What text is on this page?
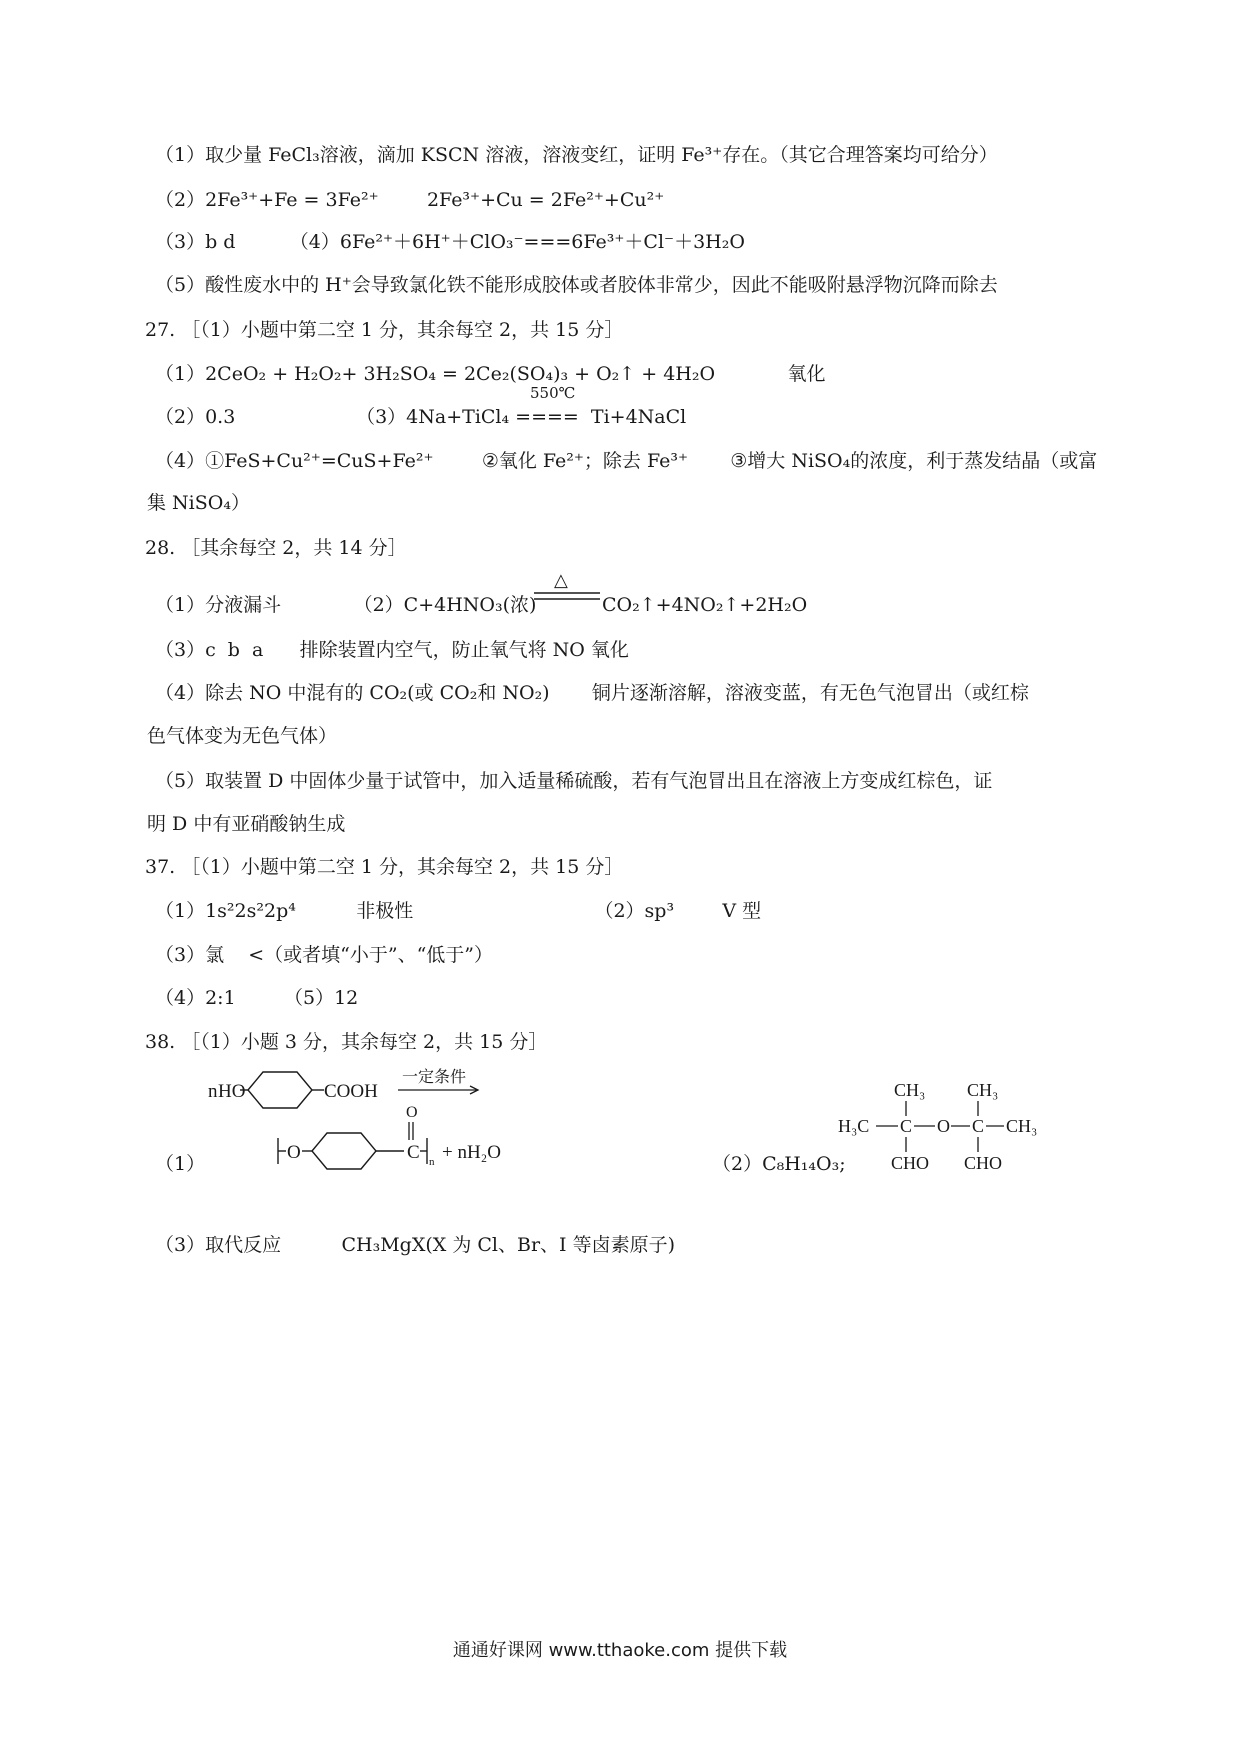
（1）取少量 FeCl₃溶液，滴加 KSCN 溶液，溶液变红，证明 Fe³⁺存在。（其它合理答案均可给分）
（2）2Fe³⁺+Fe = 3Fe²⁺        2Fe³⁺+Cu = 2Fe²⁺+Cu²⁺
（3）b d         （4）6Fe²⁺＋6H⁺＋ClO₃⁻===6Fe³⁺＋Cl⁻＋3H₂O
（5）酸性废水中的 H⁺会导致氯化铁不能形成胶体或者胶体非常少，因此不能吸附悬浮物沉降而除去
27. ［（1）小题中第二空 1 分，其余每空 2，共 15 分］
（1）2CeO₂ + H₂O₂+ 3H₂SO₄ = 2Ce₂(SO₄)₃ + O₂↑ + 4H₂O            氧化
550℃
（2）0.3                    （3）4Na+TiCl₄ ====  Ti+4NaCl
（4）①FeS+Cu²⁺=CuS+Fe²⁺        ②氧化 Fe²⁺；除去 Fe³⁺       ③增大 NiSO₄的浓度，利于蒸发结晶（或富
集 NiSO₄）
28. ［其余每空 2，共 14 分］
（1）分液漏斗            （2）C+4HNO₃(浓)
△
CO₂↑+4NO₂↑+2H₂O
（3）c  b  a      排除装置内空气，防止氧气将 NO 氧化
（4）除去 NO 中混有的 CO₂(或 CO₂和 NO₂)       铜片逐渐溶解，溶液变蓝，有无色气泡冒出（或红棕
色气体变为无色气体）
（5）取装置 D 中固体少量于试管中，加入适量稀硫酸，若有气泡冒出且在溶液上方变成红棕色，证
明 D 中有亚硝酸钠生成
37. ［（1）小题中第二空 1 分，其余每空 2，共 15 分］
（1）1s²2s²2p⁴          非极性                              （2）sp³        V 型
（3）氯    <（或者填“小于”、“低于”）
（4）2:1        （5）12
38. ［（1）小题 3 分，其余每空 2，共 15 分］
n HO	COOH
一定条件
O
C n + nH₂O
O
（1）	（2）C₈H₁₄O₃;
CH₃ CH₃
H₃C C O C CH₃
CHO CHO
（3）取代反应          CH₃MgX(X 为 Cl、Br、I 等卤素原子)
通通好课网 www.tthaoke.com 提供下载
